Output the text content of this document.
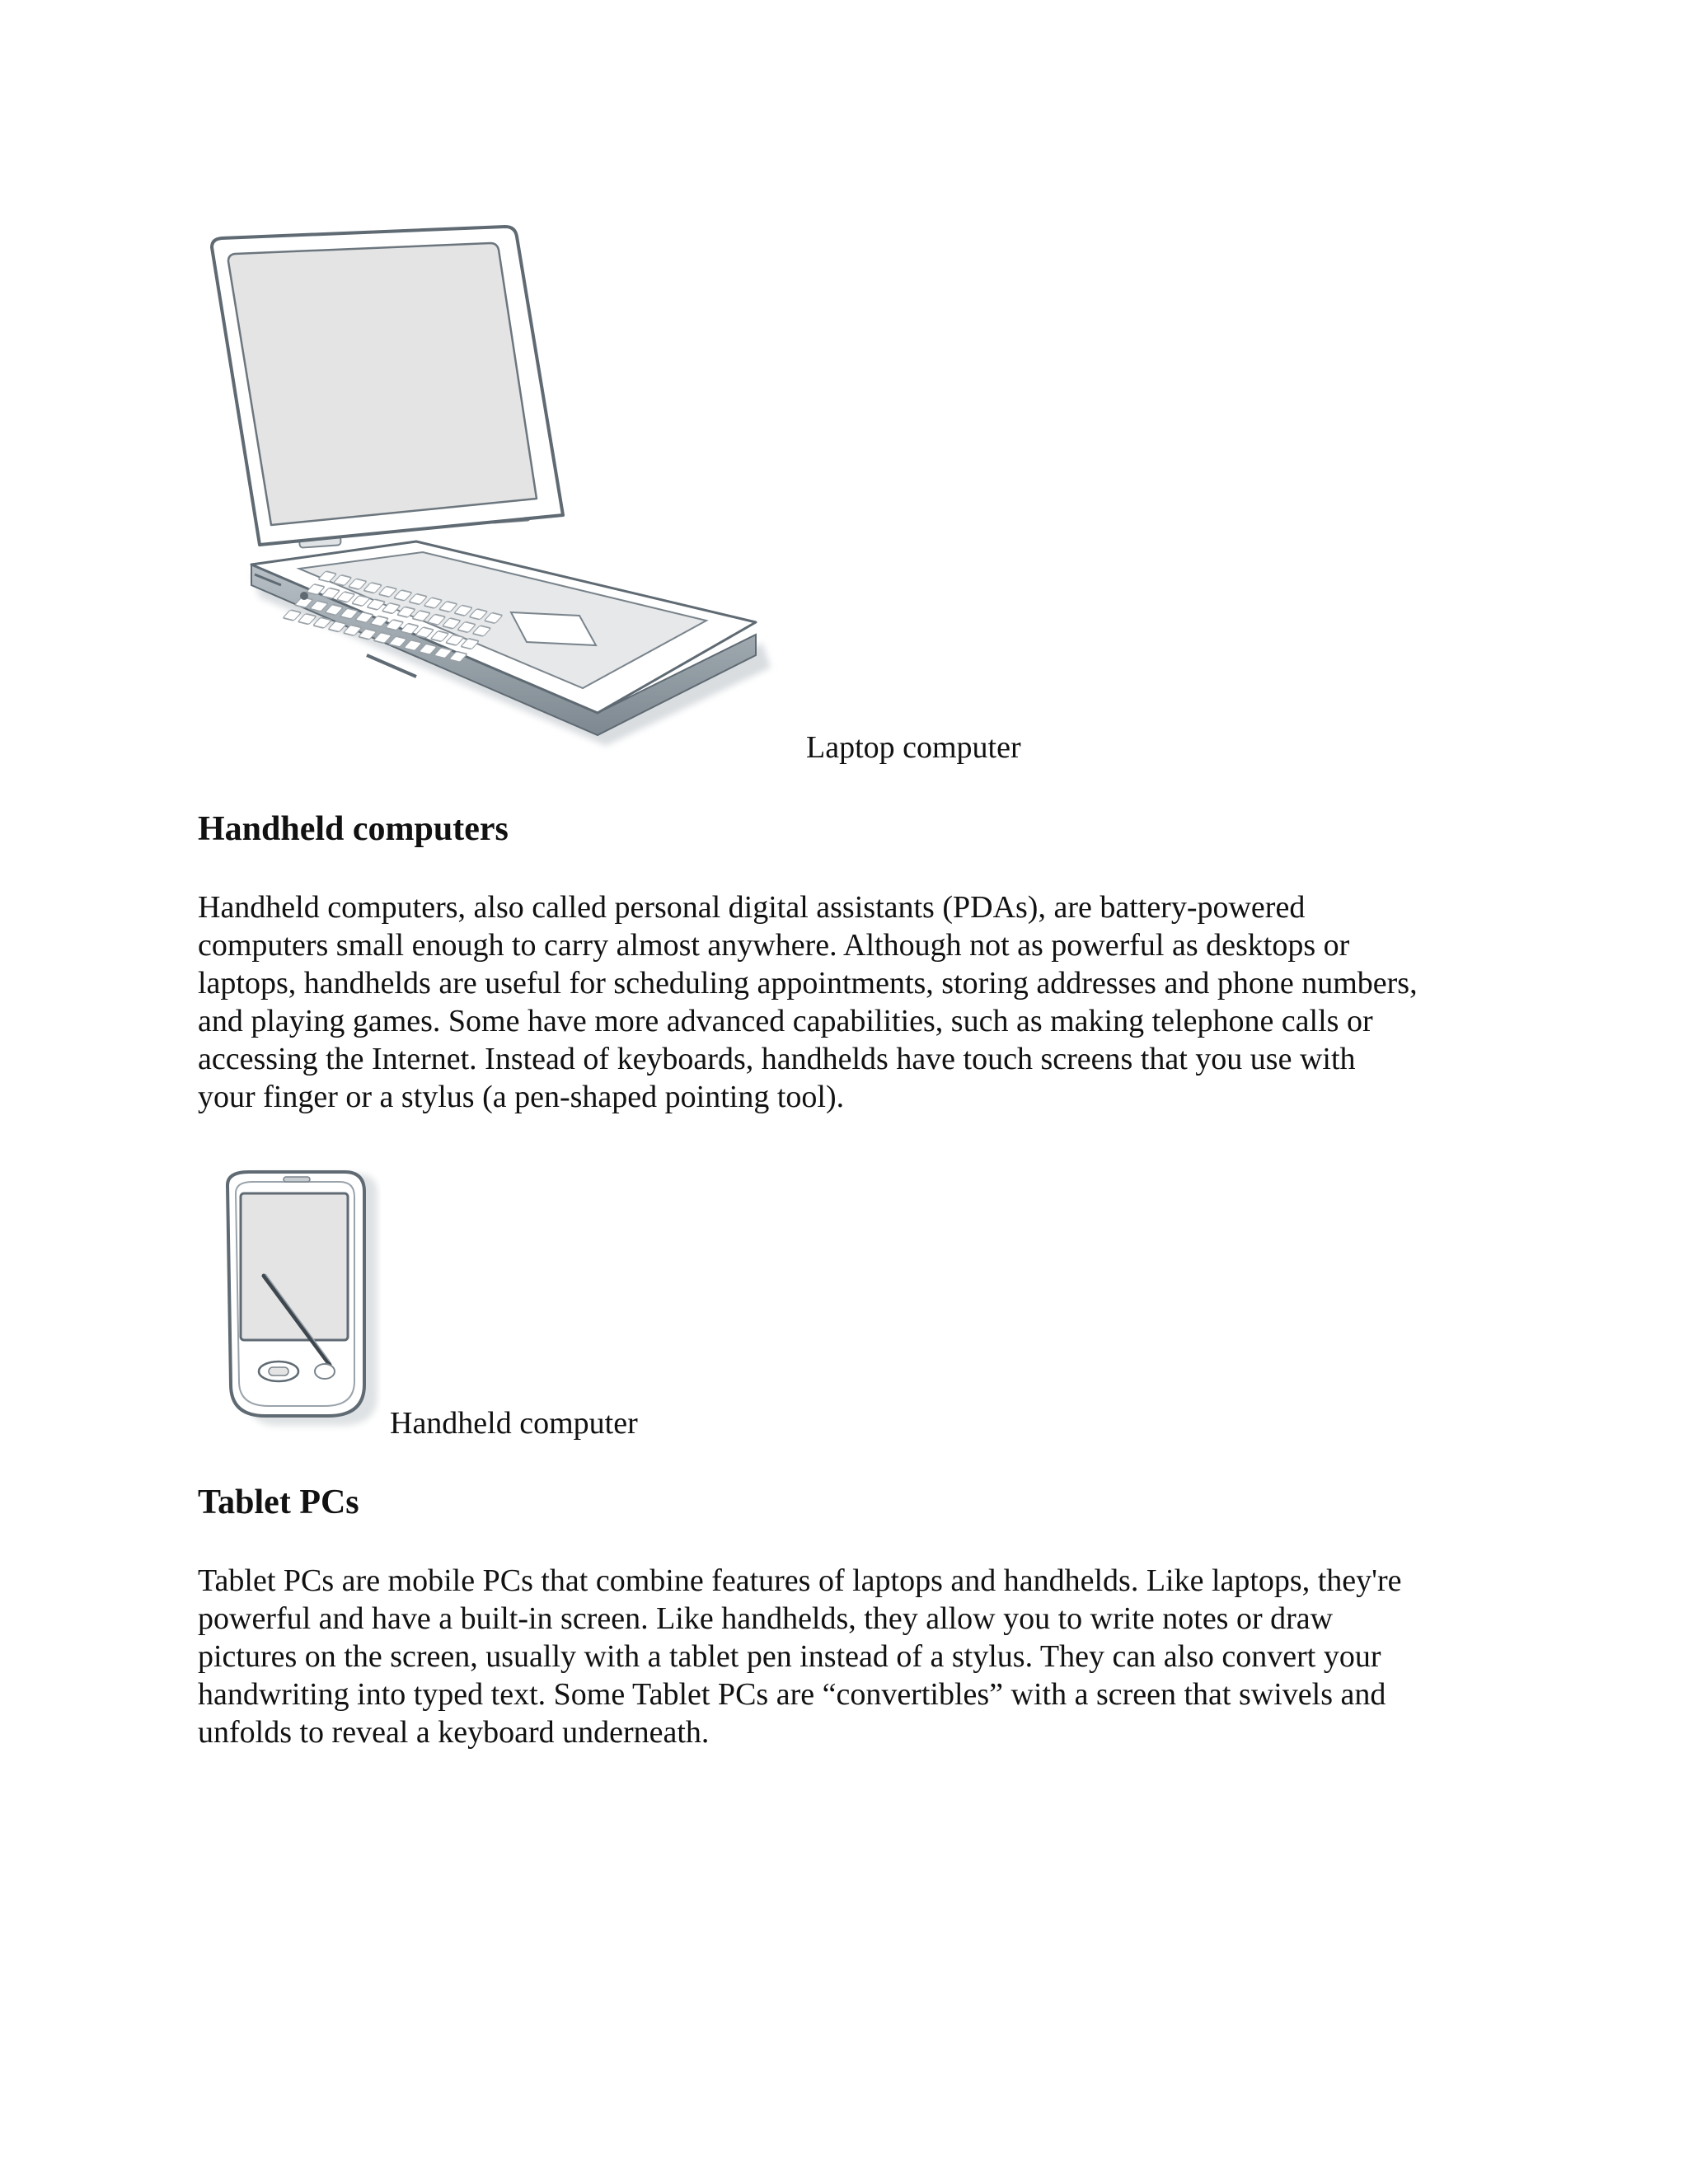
Laptop computer
Handheld computers

Handheld computers, also called personal digital assistants (PDAs), are battery-powered
computers small enough to carry almost anywhere. Although not as powerful as desktops or
laptops, handhelds are useful for scheduling appointments, storing addresses and phone numbers,
and playing games. Some have more advanced capabilities, such as making telephone calls or
accessing the Internet. Instead of keyboards, handhelds have touch screens that you use with
your finger or a stylus (a pen-shaped pointing tool).

Handheld computer
Tablet PCs

Tablet PCs are mobile PCs that combine features of laptops and handhelds. Like laptops, they're
powerful and have a built-in screen. Like handhelds, they allow you to write notes or draw
pictures on the screen, usually with a tablet pen instead of a stylus. They can also convert your
handwriting into typed text. Some Tablet PCs are “convertibles” with a screen that swivels and
unfolds to reveal a keyboard underneath.
